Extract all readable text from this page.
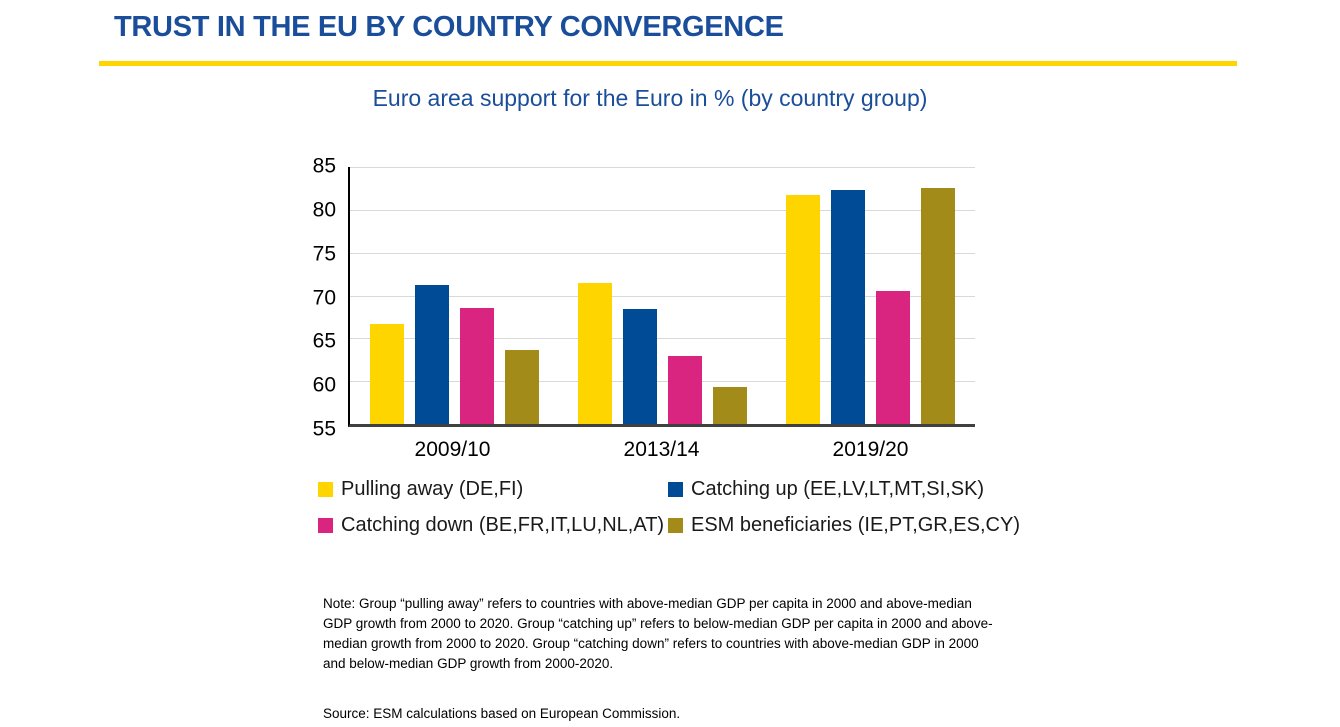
TRUST IN THE EU BY COUNTRY CONVERGENCE
Euro area support for the Euro in % (by country group)
55
60
65
70
75
80
85
2009/10	2013/14	2019/20
Pulling away (DE,FI)	Catching up (EE,LV,LT,MT,SI,SK)
Catching down (BE,FR,IT,LU,NL,AT) ESM beneficiaries (IE,PT,GR,ES,CY)
Note: Group “pulling away” refers to countries with above-median GDP per capita in 2000 and above-median GDP growth from 2000 to 2020. Group “catching up” refers to below-median GDP per capita in 2000 and above-median growth from 2000 to 2020. Group “catching down” refers to countries with above-median GDP in 2000 and below-median GDP growth from 2000-2020.
Source: ESM calculations based on European Commission.
